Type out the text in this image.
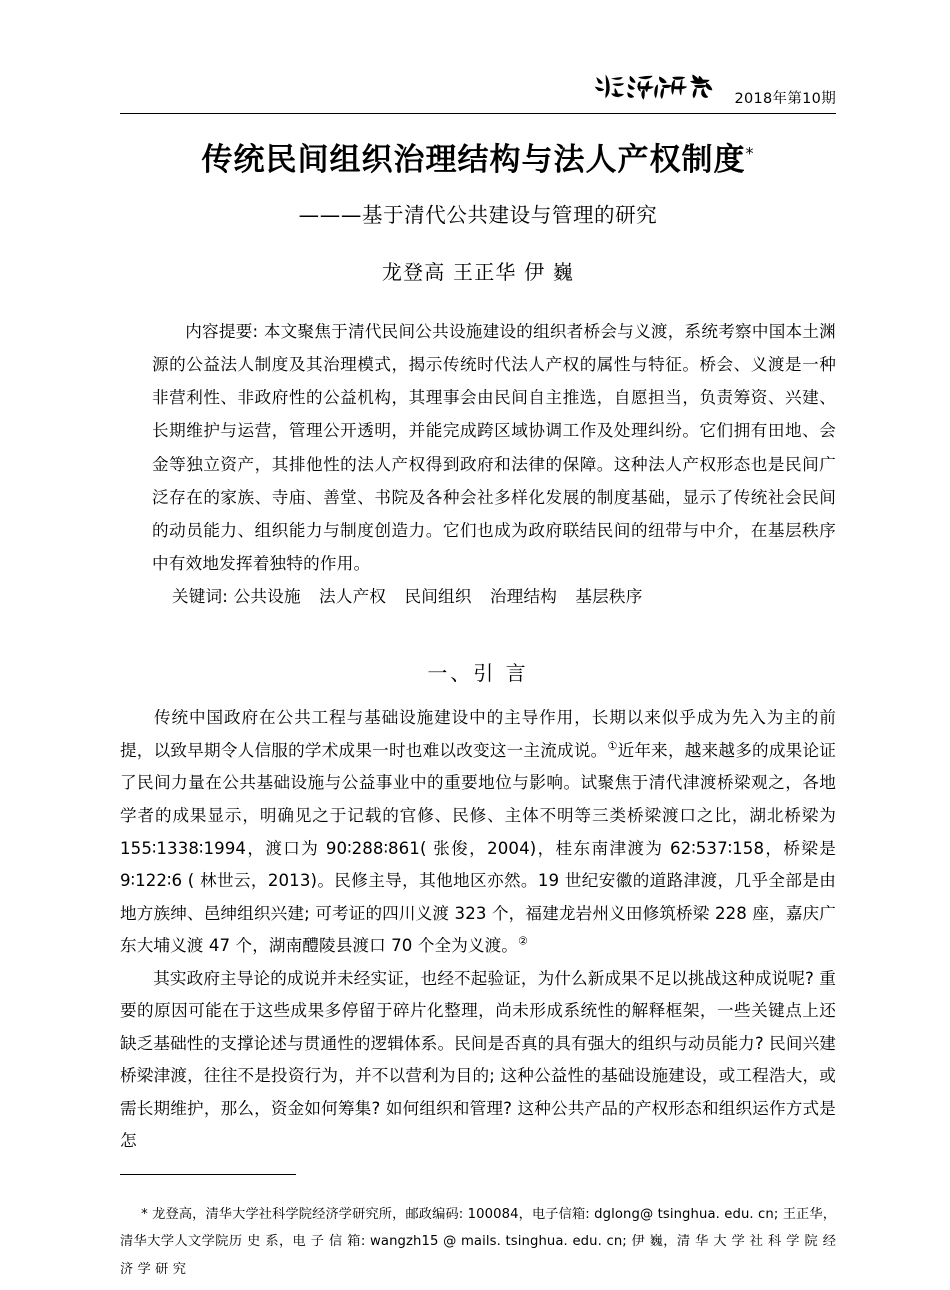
2018年第10期
传统民间组织治理结构与法人产权制度*
———基于清代公共建设与管理的研究
龙登高 王正华 伊 巍
内容提要: 本文聚焦于清代民间公共设施建设的组织者桥会与义渡，系统考察中国本土渊源的公益法人制度及其治理模式，揭示传统时代法人产权的属性与特征。桥会、义渡是一种非营利性、非政府性的公益机构，其理事会由民间自主推选，自愿担当，负责筹资、兴建、长期维护与运营，管理公开透明，并能完成跨区域协调工作及处理纠纷。它们拥有田地、会金等独立资产，其排他性的法人产权得到政府和法律的保障。这种法人产权形态也是民间广泛存在的家族、寺庙、善堂、书院及各种会社多样化发展的制度基础，显示了传统社会民间的动员能力、组织能力与制度创造力。它们也成为政府联结民间的纽带与中介，在基层秩序中有效地发挥着独特的作用。
关键词: 公共设施 法人产权 民间组织 治理结构 基层秩序
一、引 言

传统中国政府在公共工程与基础设施建设中的主导作用，长期以来似乎成为先入为主的前提，以致早期令人信服的学术成果一时也难以改变这一主流成说。①近年来，越来越多的成果论证了民间力量在公共基础设施与公益事业中的重要地位与影响。试聚焦于清代津渡桥梁观之，各地学者的成果显示，明确见之于记载的官修、民修、主体不明等三类桥梁渡口之比，湖北桥梁为 155∶1338∶1994，渡口为 90∶288∶861( 张俊，2004)，桂东南津渡为 62∶537∶158，桥梁是 9∶122∶6 ( 林世云，2013)。民修主导，其他地区亦然。19 世纪安徽的道路津渡，几乎全部是由地方族绅、邑绅组织兴建; 可考证的四川义渡 323 个，福建龙岩州义田修筑桥梁 228 座，嘉庆广东大埔义渡 47 个，湖南醴陵县渡口 70 个全为义渡。②

其实政府主导论的成说并未经实证，也经不起验证，为什么新成果不足以挑战这种成说呢? 重要的原因可能在于这些成果多停留于碎片化整理，尚未形成系统性的解释框架，一些关键点上还缺乏基础性的支撑论述与贯通性的逻辑体系。民间是否真的具有强大的组织与动员能力? 民间兴建桥梁津渡，往往不是投资行为，并不以营利为目的; 这种公益性的基础设施建设，或工程浩大，或需长期维护，那么，资金如何筹集? 如何组织和管理? 这种公共产品的产权形态和组织运作方式是怎

* 龙登高，清华大学社科学院经济学研究所，邮政编码: 100084，电子信箱: dglong@ tsinghua. edu. cn; 王正华，清华大学人文学院历 史 系，电 子 信 箱: wangzh15 @ mails. tsinghua. edu. cn; 伊 巍，清 华 大 学 社 科 学 院 经 济 学 研 究
